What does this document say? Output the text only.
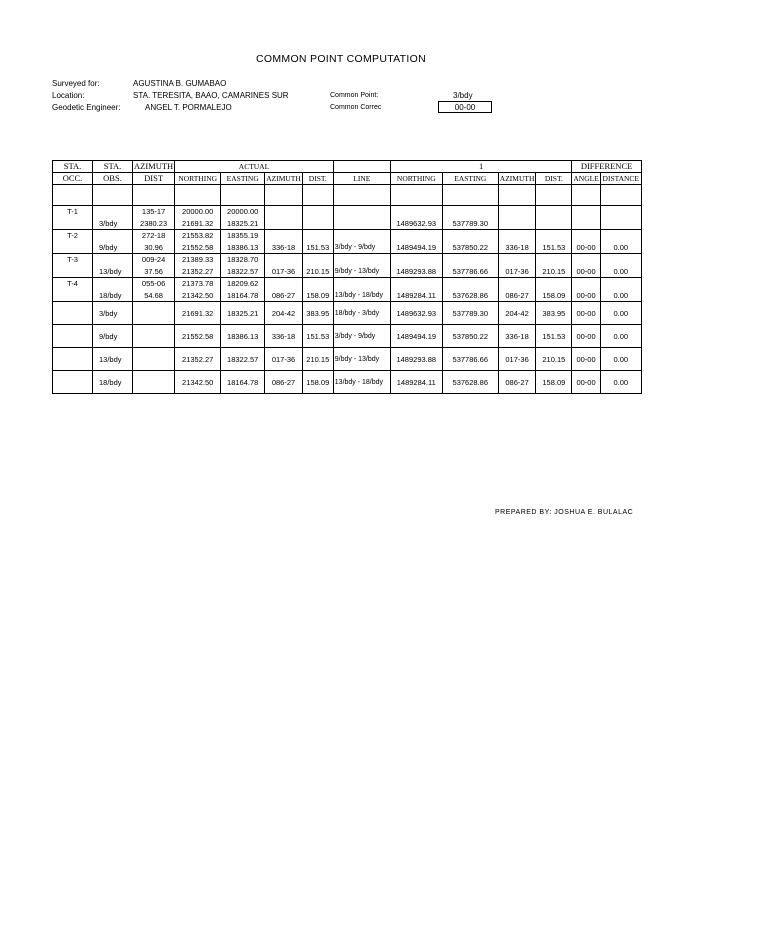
COMMON POINT COMPUTATION
Surveyed for:	AGUSTINA B. GUMABAO
Location:	STA. TERESITA, BAAO, CAMARINES SUR
Geodetic Engineer:	ANGEL T. PORMALEJO
Common Point:	3/bdy
Common Correc	00-00
STA.	STA.	AZIMUTH	ACTUAL					1				DIFFERENCE	
OCC.	OBS.	DIST	NORTHING	EASTING	AZIMUTH	DIST.	LINE	NORTHING	EASTING	AZIMUTH	DIST.	ANGLE	DISTANCE

T-1		135-17	20000.00	20000.00									
	3/bdy	2380.23	21691.32	18325.21				1489632.93	537789.30				
T-2		272-18	21553.82	18355.19									
	9/bdy	30.96	21552.58	18386.13	336-18	151.53	3/bdy - 9/bdy	1489494.19	537850.22	336-18	151.53	00-00	0.00
T-3		009-24	21389.33	18328.70									
	13/bdy	37.56	21352.27	18322.57	017-36	210.15	9/bdy - 13/bdy	1489293.88	537786.66	017-36	210.15	00-00	0.00
T-4		055-06	21373.78	18209.62									
	18/bdy	54.68	21342.50	18164.78	086-27	158.09	13/bdy - 18/bdy	1489284.11	537628.86	086-27	158.09	00-00	0.00
	3/bdy		21691.32	18325.21	204-42	383.95	18/bdy - 3/bdy	1489632.93	537789.30	204-42	383.95	00-00	0.00
	9/bdy		21552.58	18386.13	336-18	151.53	3/bdy - 9/bdy	1489494.19	537850.22	336-18	151.53	00-00	0.00
	13/bdy		21352.27	18322.57	017-36	210.15	9/bdy - 13/bdy	1489293.88	537786.66	017-36	210.15	00-00	0.00
	18/bdy		21342.50	18164.78	086-27	158.09	13/bdy - 18/bdy	1489284.11	537628.86	086-27	158.09	00-00	0.00
PREPARED BY: JOSHUA E. BULALAC
